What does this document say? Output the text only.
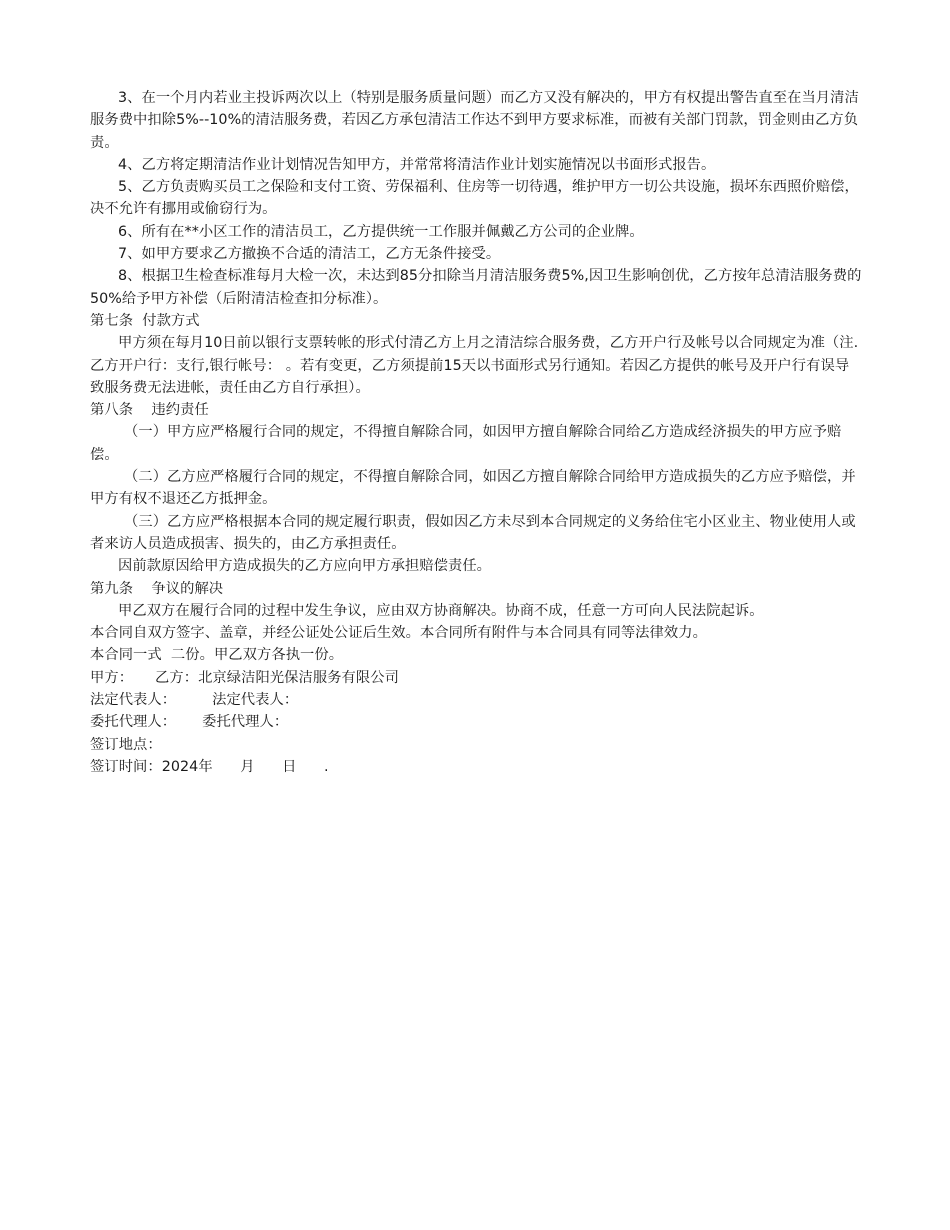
3、在一个月内若业主投诉两次以上（特别是服务质量问题）而乙方又没有解决的，甲方有权提出警告直至在当月清洁服务费中扣除5%--10%的清洁服务费，若因乙方承包清洁工作达不到甲方要求标准，而被有关部门罚款，罚金则由乙方负责。

4、乙方将定期清洁作业计划情况告知甲方，并常常将清洁作业计划实施情况以书面形式报告。

5、乙方负责购买员工之保险和支付工资、劳保福利、住房等一切待遇，维护甲方一切公共设施，损坏东西照价赔偿，决不允许有挪用或偷窃行为。

6、所有在**小区工作的清洁员工，乙方提供统一工作服并佩戴乙方公司的企业牌。

7、如甲方要求乙方撤换不合适的清洁工，乙方无条件接受。

8、根据卫生检查标准每月大检一次，未达到85分扣除当月清洁服务费5%,因卫生影响创优，乙方按年总清洁服务费的50%给予甲方补偿（后附清洁检查扣分标准）。

第七条  付款方式

甲方须在每月10日前以银行支票转帐的形式付清乙方上月之清洁综合服务费，乙方开户行及帐号以合同规定为准（注.乙方开户行：支行,银行帐号： 。若有变更，乙方须提前15天以书面形式另行通知。若因乙方提供的帐号及开户行有误导致服务费无法进帐，责任由乙方自行承担）。

第八条    违约责任

（一）甲方应严格履行合同的规定，不得擅自解除合同，如因甲方擅自解除合同给乙方造成经济损失的甲方应予赔偿。

（二）乙方应严格履行合同的规定，不得擅自解除合同，如因乙方擅自解除合同给甲方造成损失的乙方应予赔偿，并甲方有权不退还乙方抵押金。

（三）乙方应严格根据本合同的规定履行职责，假如因乙方未尽到本合同规定的义务给住宅小区业主、物业使用人或者来访人员造成损害、损失的，由乙方承担责任。

因前款原因给甲方造成损失的乙方应向甲方承担赔偿责任。

第九条    争议的解决

甲乙双方在履行合同的过程中发生争议，应由双方协商解决。协商不成，任意一方可向人民法院起诉。

本合同自双方签字、盖章，并经公证处公证后生效。本合同所有附件与本合同具有同等法律效力。

本合同一式  二份。甲乙双方各执一份。

甲方： 乙方：北京绿洁阳光保洁服务有限公司

法定代表人：	法定代表人：

委托代理人： 委托代理人：

签订地点：

签订时间：2024年      月      日      .
